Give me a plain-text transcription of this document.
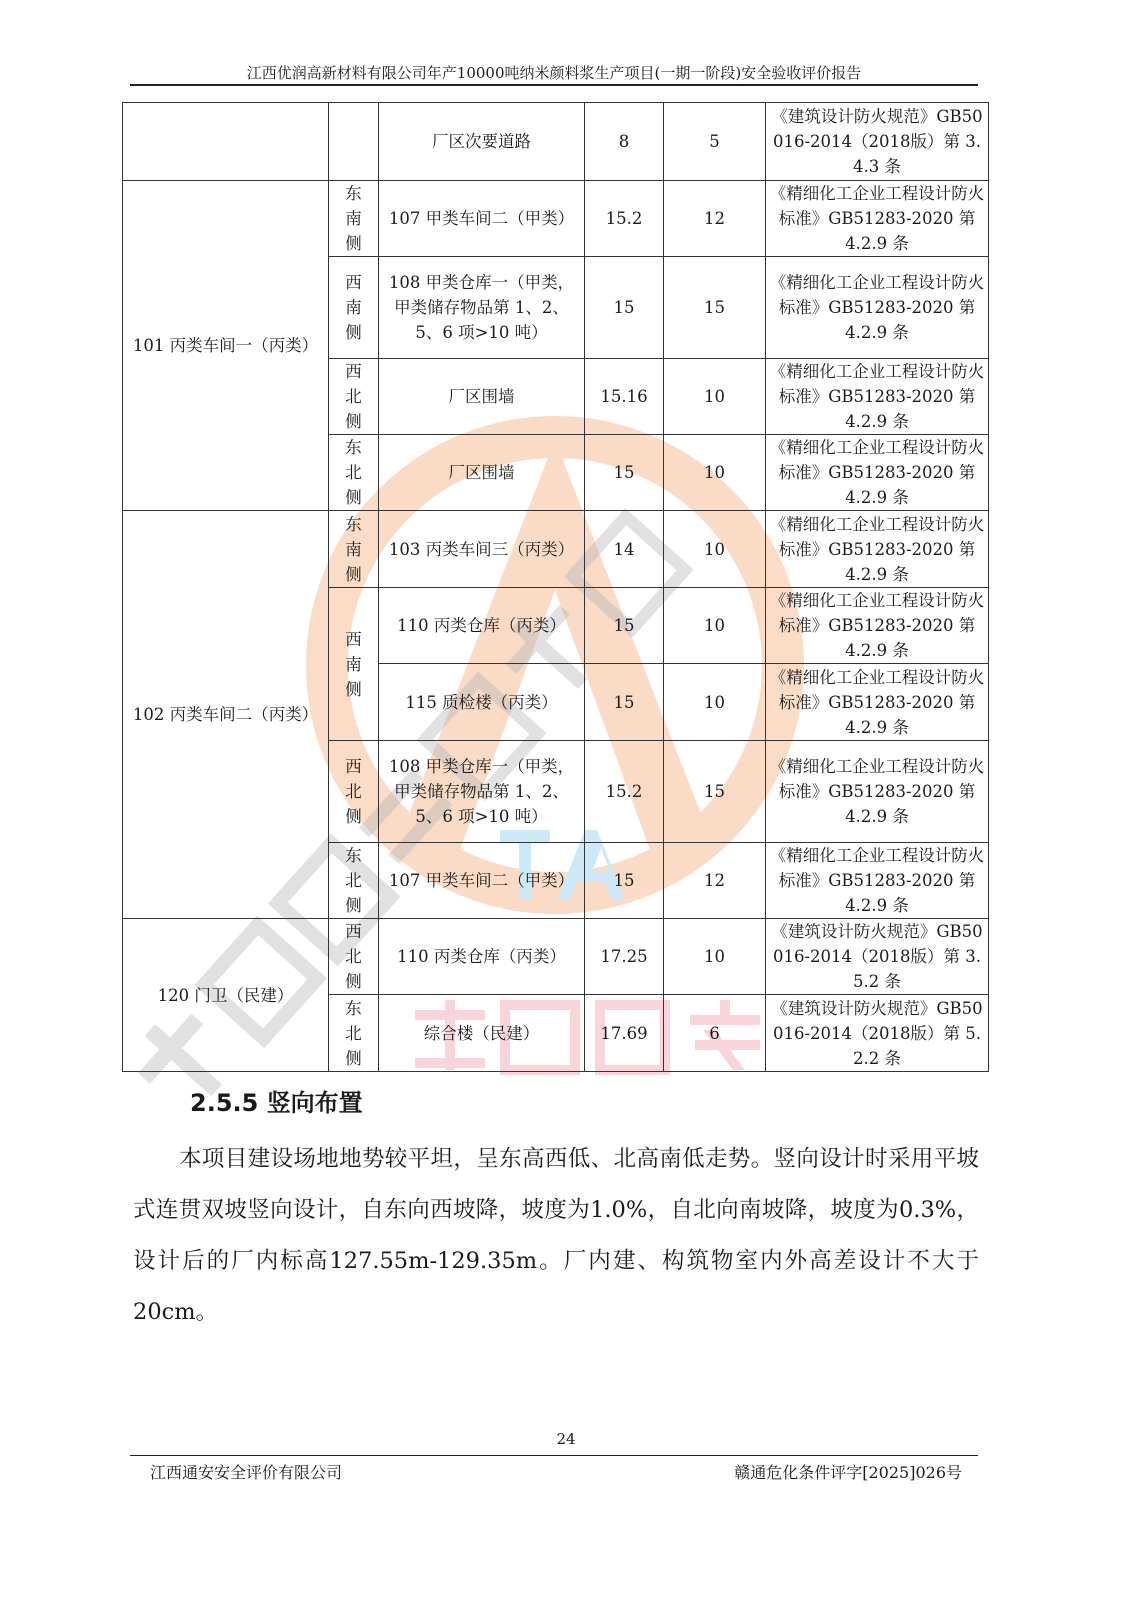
江西优润高新材料有限公司年产10000吨纳米颜料浆生产项目(一期一阶段)安全验收评价报告
		厂区次要道路	8	5	《建筑设计防火规范》GB50016-2014（2018版）第 3.4.3 条
101 丙类车间一（丙类）	东南侧	107 甲类车间二（甲类）	15.2	12	《精细化工企业工程设计防火标准》GB51283-2020 第 4.2.9 条

	西南侧	108 甲类仓库一（甲类，甲类储存物品第 1、2、5、6 项>10 吨）	15	15	《精细化工企业工程设计防火标准》GB51283-2020 第 4.2.9 条

	西北侧	厂区围墙	15.16	10	《精细化工企业工程设计防火标准》GB51283-2020 第 4.2.9 条

	东北侧	厂区围墙	15	10	《精细化工企业工程设计防火标准》GB51283-2020 第 4.2.9 条
102 丙类车间二（丙类）	东南侧	103 丙类车间三（丙类）	14	10	《精细化工企业工程设计防火标准》GB51283-2020 第 4.2.9 条

	西南侧	110 丙类仓库（丙类）	15	10	《精细化工企业工程设计防火标准》GB51283-2020 第 4.2.9 条
		115 质检楼（丙类）	15	10	《精细化工企业工程设计防火标准》GB51283-2020 第 4.2.9 条

	西北侧	108 甲类仓库一（甲类，甲类储存物品第 1、2、5、6 项>10 吨）	15.2	15	《精细化工企业工程设计防火标准》GB51283-2020 第 4.2.9 条

	东北侧	107 甲类车间二（甲类）	15	12	《精细化工企业工程设计防火标准》GB51283-2020 第 4.2.9 条
120 门卫（民建）	西北侧	110 丙类仓库（丙类）	17.25	10	《建筑设计防火规范》GB50016-2014（2018版）第 3.5.2 条

	东北侧	综合楼（民建）	17.69	6	《建筑设计防火规范》GB50016-2014（2018版）第 5.2.2 条
2.5.5 竖向布置
本项目建设场地地势较平坦，呈东高西低、北高南低走势。竖向设计时采用平坡式连贯双坡竖向设计，自东向西坡降，坡度为1.0%，自北向南坡降，坡度为0.3%，设计后的厂内标高127.55m-129.35m。厂内建、构筑物室内外高差设计不大于20cm。
24
江西通安安全评价有限公司	赣通危化条件评字[2025]026号
